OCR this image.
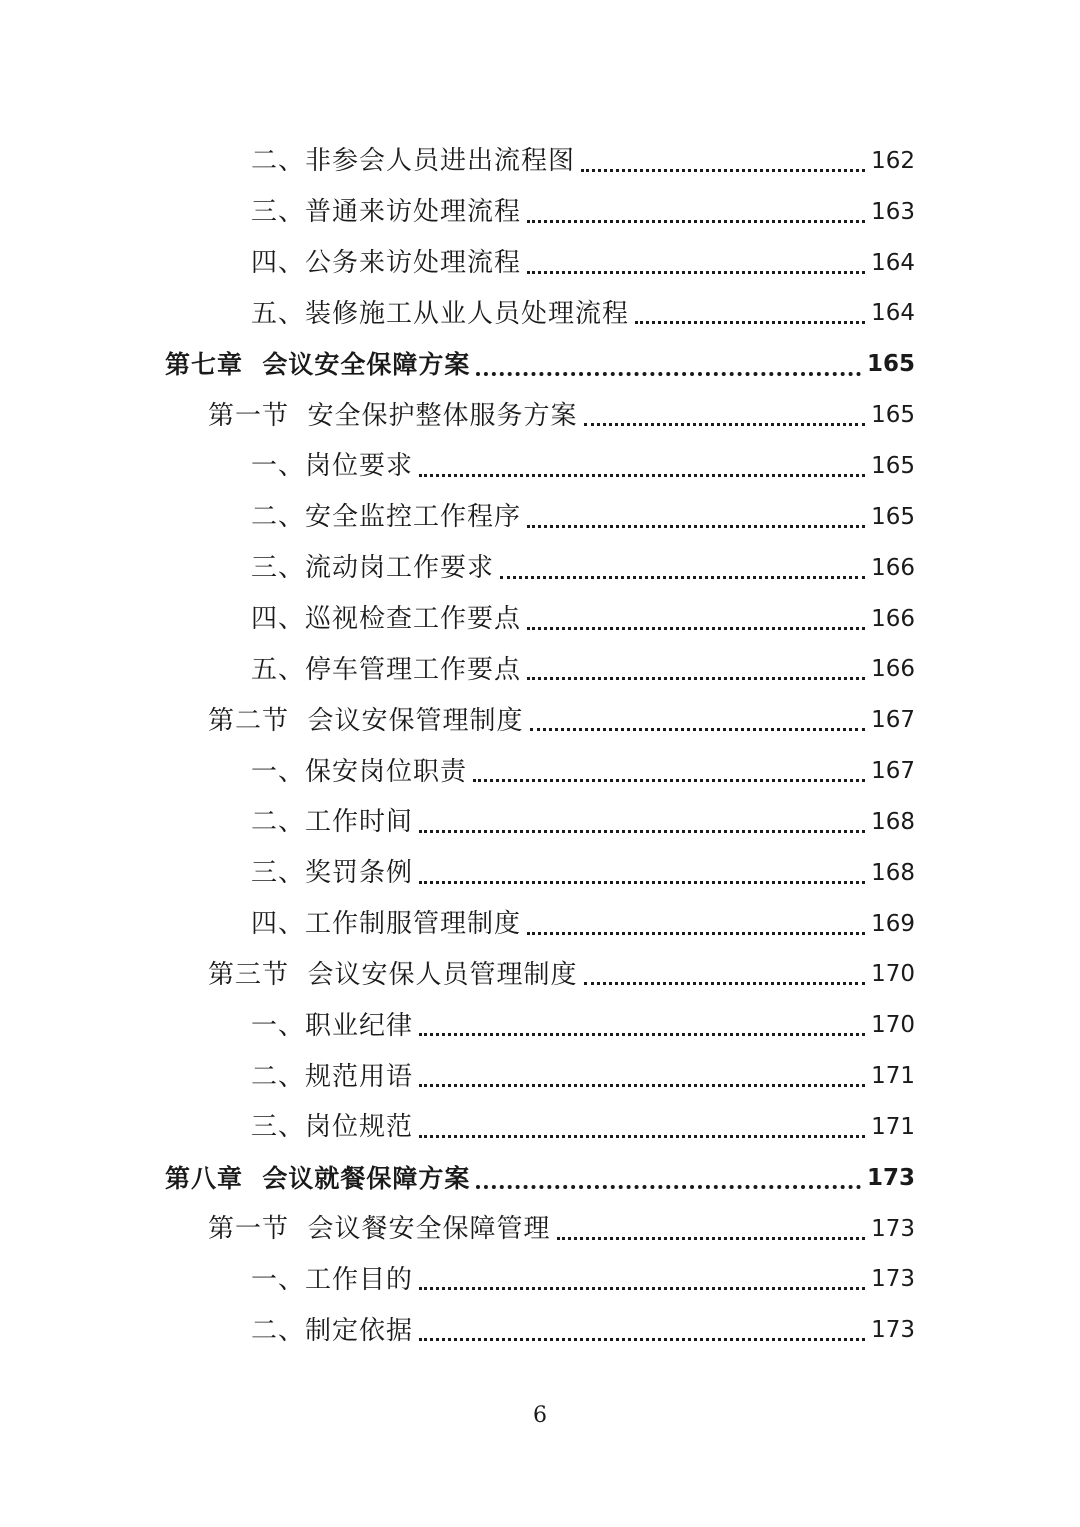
二、非参会人员进出流程图	162
三、普通来访处理流程	163
四、公务来访处理流程	164
五、装修施工从业人员处理流程	164
第七章  会议安全保障方案	165
第一节  安全保护整体服务方案	165
一、岗位要求	165
二、安全监控工作程序	165
三、流动岗工作要求	166
四、巡视检查工作要点	166
五、停车管理工作要点	166
第二节  会议安保管理制度	167
一、保安岗位职责	167
二、工作时间	168
三、奖罚条例	168
四、工作制服管理制度	169
第三节  会议安保人员管理制度	170
一、职业纪律	170
二、规范用语	171
三、岗位规范	171
第八章  会议就餐保障方案	173
第一节  会议餐安全保障管理	173
一、工作目的	173
二、制定依据	173
6
